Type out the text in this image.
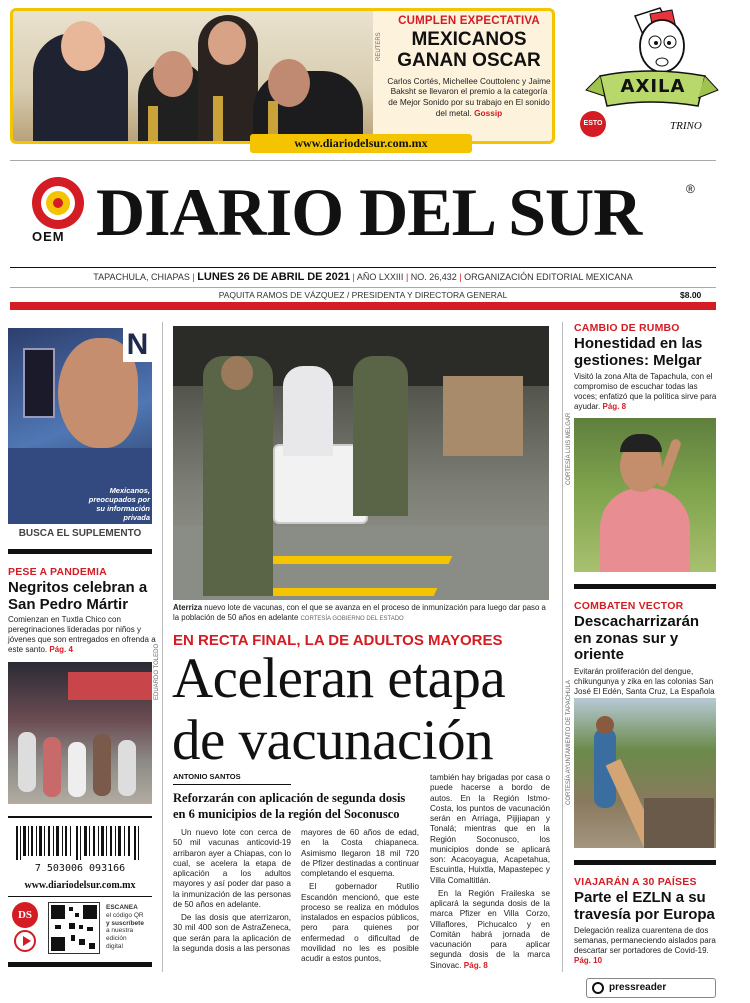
REUTERS
CUMPLEN EXPECTATIVA
MEXICANOS
GANAN OSCAR
Carlos Cortés, Michellee Couttolenc y Jaime Baksht se llevaron el premio a la categoría de Mejor Sonido por su trabajo en El sonido del metal. Gossip
www.diariodelsur.com.mx
ESTO
AXILA
TRINO
OEM DIARIO DEL SUR	®
TAPACHULA, CHIAPAS | LUNES 26 DE ABRIL DE 2021 | AÑO LXXIII | NO. 26,432 | ORGANIZACIÓN EDITORIAL MEXICANA
PAQUITA RAMOS DE VÁZQUEZ / PRESIDENTA Y DIRECTORA GENERAL	$8.00
N
Mexicanos, preocupados por su información privada
BUSCA EL SUPLEMENTO
PESE A PANDEMIA
Negritos celebran a San Pedro Mártir
Comienzan en Tuxtla Chico con peregrinaciones lideradas por niños y jóvenes que son entregados en ofrenda a este santo. Pág. 4	EDUARDO TOLEDO
7 503006 093166
www.diariodelsur.com.mx
DS
ESCANEA
el código QR
y suscríbete
a nuestra
edición
digital
Aterriza nuevo lote de vacunas, con el que se avanza en el proceso de inmunización para luego dar paso a la población de 50 años en adelante CORTESÍA GOBIERNO DEL ESTADO
EN RECTA FINAL, LA DE ADULTOS MAYORES
Aceleran etapa
de vacunación
ANTONIO SANTOS
Reforzarán con aplicación de segunda dosis en 6 municipios de la región del Soconusco

Un nuevo lote con cerca de 50 mil vacunas anticovid-19 arribaron ayer a Chiapas, con lo cual, se acelera la etapa de aplicación a los adultos mayores y así poder dar paso a la inmunización de las personas de 50 años en adelante.

De las dosis que aterrizaron, 30 mil 400 son de AstraZeneca, que serán para la aplicación de la segunda dosis a las personas

mayores de 60 años de edad, en la Costa chiapaneca. Asimismo llegaron 18 mil 720 de Pfizer destinadas a continuar completando el esquema.

El gobernador Rutilio Escandón mencionó, que este proceso se realiza en módulos instalados en espacios públicos, pero para quienes por enfermedad o dificultad de movilidad no les es posible acudir a estos puntos,

también hay brigadas por casa o puede hacerse a bordo de autos. En la Región Istmo-Costa, los puntos de vacunación serán en Arriaga, Pijijiapan y Tonalá; mientras que en la Región Soconusco, los municipios donde se aplicará son: Acacoyagua, Acapetahua, Escuintla, Huixtla, Mapastepec y Villa Comaltitlán.

En la Región Fraileska se aplicará la segunda dosis de la marca Pfizer en Villa Corzo, Villaflores, Pichucalco y en Comitán habrá jornada de vacunación para aplicar segunda dosis de la marca Sinovac. Pág. 8

CAMBIO DE RUMBO
Honestidad en las gestiones: Melgar
Visitó la zona Alta de Tapachula, con el compromiso de escuchar todas las voces; enfatizó que la política sirve para ayudar. Pág. 8
CORTESÍA LUIS MELGAR
COMBATEN VECTOR
Descacharrizarán en zonas sur y oriente
Evitarán proliferación del dengue, chikungunya y zika en las colonias San José El Edén, Santa Cruz, La Española
CORTESÍA AYUNTAMIENTO DE TAPACHULA
VIAJARÁN A 30 PAÍSES
Parte el EZLN a su travesía por Europa
Delegación realiza cuarentena de dos semanas, permaneciendo aislados para descartar ser portadores de Covid-19. Pág. 10
pressreader
